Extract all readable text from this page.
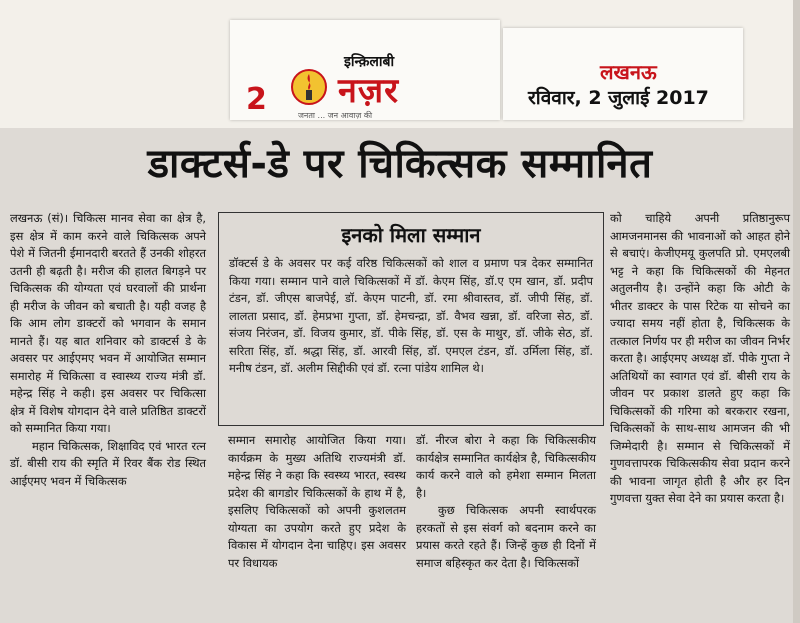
2
इन्क़िलाबी
नज़र
जनता ... जन आवाज़ की
लखनऊ
रविवार, 2 जुलाई 2017
डाक्टर्स-डे पर चिकित्सक सम्मानित

लखनऊ (सं)। चिकित्स मानव सेवा का क्षेत्र है, इस क्षेत्र में काम करने वाले चिकित्सक अपने पेशे में जितनी ईमानदारी बरतते हैं उनकी शोहरत उतनी ही बढ़ती है। मरीज की हालत बिगड़ने पर चिकित्सक की योग्यता एवं घरवालों की प्रार्थना ही मरीज के जीवन को बचाती है। यही वजह है कि आम लोग डाक्टरों को भगवान के समान मानते हैं। यह बात शनिवार को डाक्टर्स डे के अवसर पर आईएमए भवन में आयोजित सम्मान समारोह में चिकित्सा व स्वास्थ्य राज्य मंत्री डॉ. महेन्द्र सिंह ने कही। इस अवसर पर चिकित्सा क्षेत्र में विशेष योगदान देने वाले प्रतिष्ठित डाक्टरों को सम्मानित किया गया।

महान चिकित्सक, शिक्षाविद एवं भारत रत्न डॉ. बीसी राय की स्मृति में रिवर बैंक रोड स्थित आईएमए भवन में चिकित्सक

इनको मिला सम्मान
डॉक्टर्स डे के अवसर पर कई वरिष्ठ चिकित्सकों को शाल व प्रमाण पत्र देकर सम्मानित किया गया। सम्मान पाने वाले चिकित्सकों में डॉ. केएम सिंह, डॉ.ए एम खान, डॉ. प्रदीप टंडन, डॉ. जीएस बाजपेई, डॉ. केएम पाटनी, डॉ. रमा श्रीवास्तव, डॉ. जीपी सिंह, डॉ. लालता प्रसाद, डॉ. हेमप्रभा गुप्ता, डॉ. हेमचन्द्रा, डॉ. वैभव खन्ना, डॉ. वरिजा सेठ, डॉ. संजय निरंजन, डॉ. विजय कुमार, डॉ. पीके सिंह, डॉ. एस के माथुर, डॉ. जीके सेठ, डॉ. सरिता सिंह, डॉ. श्रद्धा सिंह, डॉ. आरवी सिंह, डॉ. एमएल टंडन, डॉ. उर्मिला सिंह, डॉ. मनीष टंडन, डॉ. अलीम सिद्दीकी एवं डॉ. रत्ना पांडेय शामिल थे।

सम्मान समारोह आयोजित किया गया। कार्यक्रम के मुख्य अतिथि राज्यमंत्री डॉ. महेन्द्र सिंह ने कहा कि स्वस्थ्य भारत, स्वस्थ प्रदेश की बागडोर चिकित्सकों के हाथ में है, इसलिए चिकित्सकों को अपनी कुशलतम योग्यता का उपयोग करते हुए प्रदेश के विकास में योगदान देना चाहिए। इस अवसर पर विधायक

डॉ. नीरज बोरा ने कहा कि चिकित्सकीय कार्यक्षेत्र सम्मानित कार्यक्षेत्र है, चिकित्सकीय कार्य करने वाले को हमेशा सम्मान मिलता है।

कुछ चिकित्सक अपनी स्वार्थपरक हरकतों से इस संवर्ग को बदनाम करने का प्रयास करते रहते हैं। जिन्हें कुछ ही दिनों में समाज बहिस्कृत कर देता है। चिकित्सकों

को चाहिये अपनी प्रतिष्ठानुरूप आमजनमानस की भावनाओं को आहत होने से बचाएं। केजीएमयू कुलपति प्रो. एमएलबी भट्ट ने कहा कि चिकित्सकों की मेहनत अतुलनीय है। उन्होंने कहा कि ओटी के भीतर डाक्टर के पास रिटेक या सोचने का ज्यादा समय नहीं होता है, चिकित्सक के तत्काल निर्णय पर ही मरीज का जीवन निर्भर करता है। आईएमए अध्यक्ष डॉ. पीके गुप्ता ने अतिथियों का स्वागत एवं डॉ. बीसी राय के जीवन पर प्रकाश डालते हुए कहा कि चिकित्सकों की गरिमा को बरकरार रखना, चिकित्सकों के साथ-साथ आमजन की भी जिम्मेदारी है। सम्मान से चिकित्सकों में गुणवत्तापरक चिकित्सकीय सेवा प्रदान करने की भावना जागृत होती है और हर दिन गुणवत्ता युक्त सेवा देने का प्रयास करता है।
